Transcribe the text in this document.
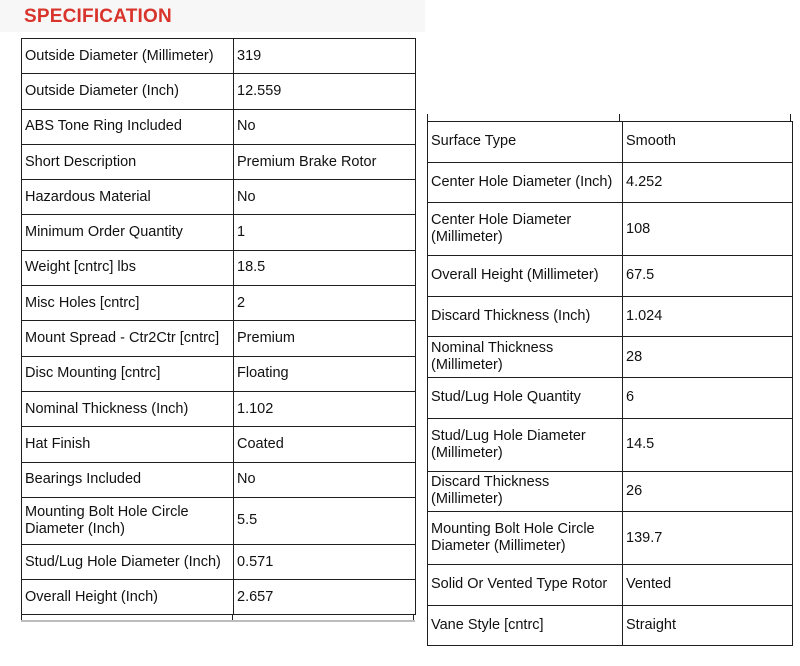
SPECIFICATION
Outside Diameter (Millimeter)	319
Outside Diameter (Inch)	12.559
ABS Tone Ring Included	No
Short Description	Premium Brake Rotor
Hazardous Material	No
Minimum Order Quantity	1
Weight [cntrc] lbs	18.5
Misc Holes [cntrc]	2
Mount Spread - Ctr2Ctr [cntrc]	Premium
Disc Mounting [cntrc]	Floating
Nominal Thickness (Inch)	1.102
Hat Finish	Coated
Bearings Included	No
Mounting Bolt Hole Circle Diameter (Inch)	5.5
Stud/Lug Hole Diameter (Inch)	0.571
Overall Height (Inch)	2.657
Surface Type	Smooth
Center Hole Diameter (Inch)	4.252
Center Hole Diameter (Millimeter)	108
Overall Height (Millimeter)	67.5
Discard Thickness (Inch)	1.024
Nominal Thickness (Millimeter)	28
Stud/Lug Hole Quantity	6
Stud/Lug Hole Diameter (Millimeter)	14.5
Discard Thickness (Millimeter)	26
Mounting Bolt Hole Circle Diameter (Millimeter)	139.7
Solid Or Vented Type Rotor	Vented
Vane Style [cntrc]	Straight
